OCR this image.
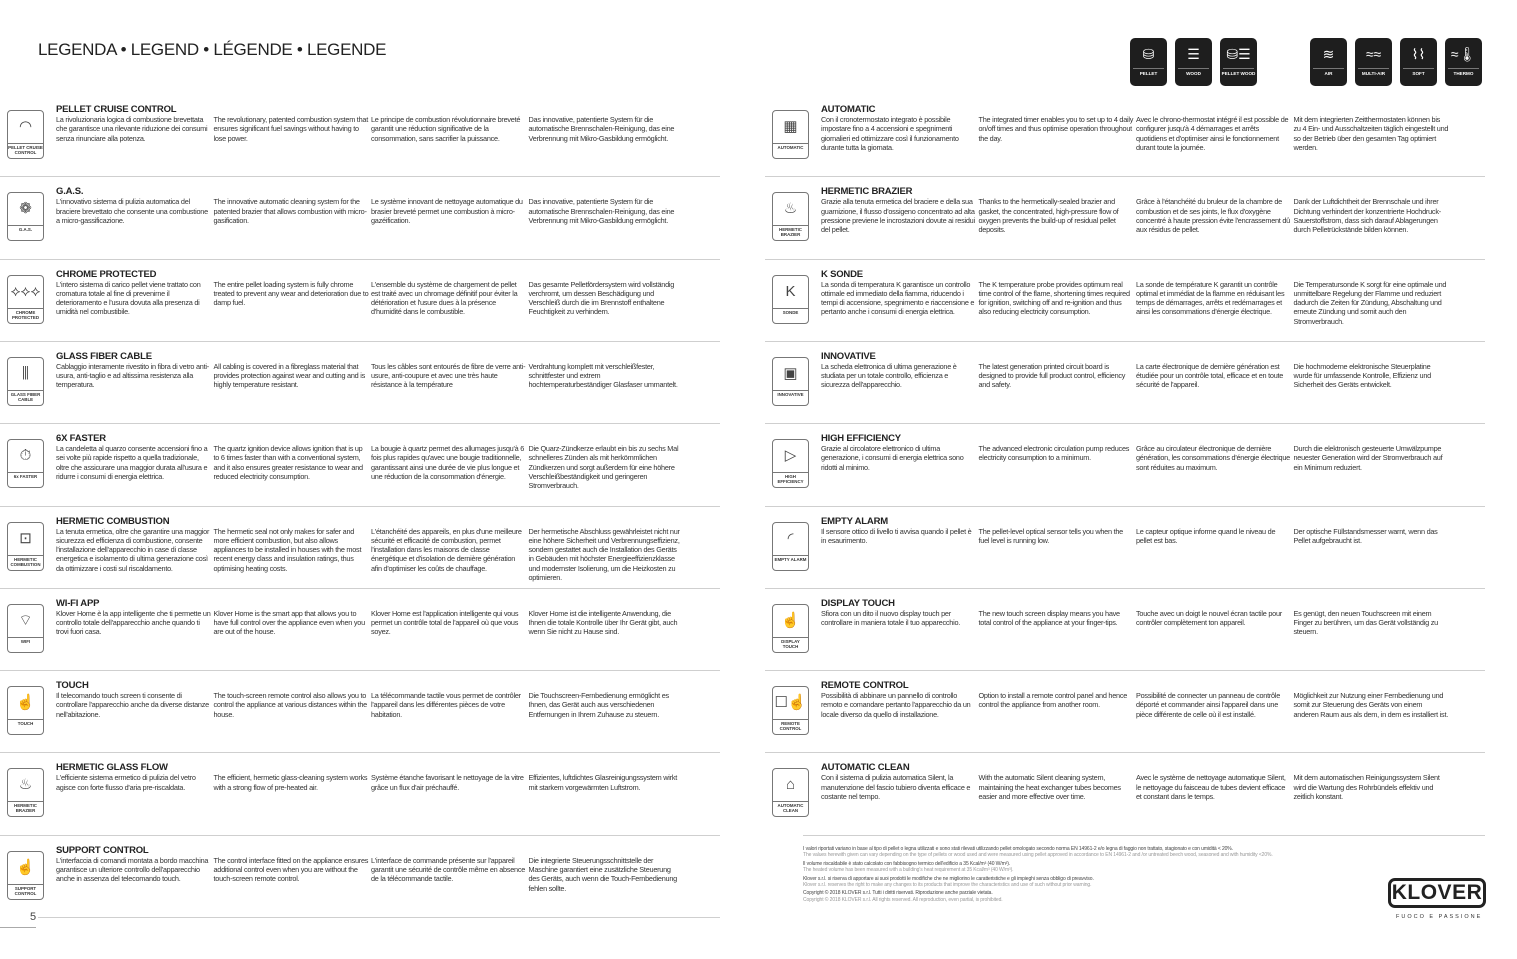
LEGENDA • LEGEND • LÉGENDE • LEGENDE	⛁
PELLET
☰
WOOD
⛁☰
PELLET WOOD
≋
AIR
≈≈
MULTI-AIR
⌇⌇
SOFT
≈🌡
THERMO
◠
PELLET CRUISE CONTROL
PELLET CRUISE CONTROL
La rivoluzionaria logica di combustione brevettata che garantisce una rilevante riduzione dei consumi senza rinunciare alla potenza.
The revolutionary, patented combustion system that ensures significant fuel savings without having to lose power.
Le principe de combustion révolutionnaire breveté garantit une réduction significative de la consommation, sans sacrifier la puissance.
Das innovative, patentierte System für die automatische Brennschalen-Reinigung, das eine Verbrennung mit Mikro-Gasbildung ermöglicht.
❁
G.A.S.
G.A.S.
L'innovativo sistema di pulizia automatica del braciere brevettato che consente una combustione a micro-gassificazione.
The innovative automatic cleaning system for the patented brazier that allows combustion with micro-gasification.
Le système innovant de nettoyage automatique du brasier breveté permet une combustion à micro-gazéification.
Das innovative, patentierte System für die automatische Brennschalen-Reinigung, das eine Verbrennung mit Mikro-Gasbildung ermöglicht.
⟡⟡⟡
CHROME PROTECTED
CHROME PROTECTED
L'intero sistema di carico pellet viene trattato con cromatura totale al fine di prevenirne il deterioramento e l'usura dovuta alla presenza di umidità nel combustibile.
The entire pellet loading system is fully chrome treated to prevent any wear and deterioration due to damp fuel.
L'ensemble du système de chargement de pellet est traité avec un chromage définitif pour éviter la détérioration et l'usure dues à la présence d'humidité dans le combustible.
Das gesamte Pelletfördersystem wird vollständig verchromt, um dessen Beschädigung und Verschleiß durch die im Brennstoff enthaltene Feuchtigkeit zu verhindern.
⫼
GLASS FIBER CABLE
GLASS FIBER CABLE
Cablaggio interamente rivestito in fibra di vetro anti-usura, anti-taglio e ad altissima resistenza alla temperatura.
All cabling is covered in a fibreglass material that provides protection against wear and cutting and is highly temperature resistant.
Tous les câbles sont entourés de fibre de verre anti-usure, anti-coupure et avec une très haute résistance à la température
Verdrahtung komplett mit verschleißfester, schnittfester und extrem hochtemperaturbeständiger Glasfaser ummantelt.
⏱
6x FASTER
6X FASTER
La candeletta al quarzo consente accensioni fino a sei volte più rapide rispetto a quella tradizionale, oltre che assicurare una maggior durata all'usura e ridurre i consumi di energia elettrica.
The quartz ignition device allows ignition that is up to 6 times faster than with a conventional system, and it also ensures greater resistance to wear and reduced electricity consumption.
La bougie à quartz permet des allumages jusqu'à 6 fois plus rapides qu'avec une bougie traditionnelle, garantissant ainsi une durée de vie plus longue et une réduction de la consommation d'énergie.
Die Quarz-Zündkerze erlaubt ein bis zu sechs Mal schnelleres Zünden als mit herkömmlichen Zündkerzen und sorgt außerdem für eine höhere Verschleißbeständigkeit und geringeren Stromverbrauch.
⊡
HERMETIC COMBUSTION
HERMETIC COMBUSTION
La tenuta ermetica, oltre che garantire una maggior sicurezza ed efficienza di combustione, consente l'installazione dell'apparecchio in case di classe energetica e isolamento di ultima generazione così da ottimizzare i costi sul riscaldamento.
The hermetic seal not only makes for safer and more efficient combustion, but also allows appliances to be installed in houses with the most recent energy class and insulation ratings, thus optimising heating costs.
L'étanchéité des appareils, en plus d'une meilleure sécurité et efficacité de combustion, permet l'installation dans les maisons de classe énergétique et d'isolation de dernière génération afin d'optimiser les coûts de chauffage.
Der hermetische Abschluss gewährleistet nicht nur eine höhere Sicherheit und Verbrennungseffizienz, sondern gestattet auch die Installation des Geräts in Gebäuden mit höchster Energieeffizienzklasse und modernster Isolierung, um die Heizkosten zu optimieren.
⌔
WIFI
WI-FI APP
Klover Home è la app intelligente che ti permette un controllo totale dell'apparecchio anche quando ti trovi fuori casa.
Klover Home is the smart app that allows you to have full control over the appliance even when you are out of the house.
Klover Home est l'application intelligente qui vous permet un contrôle total de l'appareil où que vous soyez.
Klover Home ist die intelligente Anwendung, die Ihnen die totale Kontrolle über Ihr Gerät gibt, auch wenn Sie nicht zu Hause sind.
☝
TOUCH
TOUCH
Il telecomando touch screen ti consente di controllare l'apparecchio anche da diverse distanze nell'abitazione.
The touch-screen remote control also allows you to control the appliance at various distances within the house.
La télécommande tactile vous permet de contrôler l'appareil dans les différentes pièces de votre habitation.
Die Touchscreen-Fernbedienung ermöglicht es Ihnen, das Gerät auch aus verschiedenen Entfernungen in Ihrem Zuhause zu steuern.
♨
HERMETIC BRAZIER
HERMETIC GLASS FLOW
L'efficiente sistema ermetico di pulizia del vetro agisce con forte flusso d'aria pre-riscaldata.
The efficient, hermetic glass-cleaning system works with a strong flow of pre-heated air.
Système étanche favorisant le nettoyage de la vitre grâce un flux d'air préchauffé.
Effizientes, luftdichtes Glasreinigungssystem wirkt mit starkem vorgewärmten Luftstrom.
☝
SUPPORT CONTROL
SUPPORT CONTROL
L'interfaccia di comandi montata a bordo macchina garantisce un ulteriore controllo dell'apparecchio anche in assenza del telecomando touch.
The control interface fitted on the appliance ensures additional control even when you are without the touch-screen remote control.
L'interface de commande présente sur l'appareil garantit une sécurité de contrôle même en absence de la télécommande tactile.
Die integrierte Steuerungsschnittstelle der Maschine garantiert eine zusätzliche Steuerung des Geräts, auch wenn die Touch-Fernbedienung fehlen sollte.
▦
AUTOMATIC
AUTOMATIC
Con il cronotermostato integrato è possibile impostare fino a 4 accensioni e spegnimenti giornalieri ed ottimizzare così il funzionamento durante tutta la giornata.
The integrated timer enables you to set up to 4 daily on/off times and thus optimise operation throughout the day.
Avec le chrono-thermostat intégré il est possible de configurer jusqu'à 4 démarrages et arrêts quotidiens et d'optimiser ainsi le fonctionnement durant toute la journée.
Mit dem integrierten Zeitthermostaten können bis zu 4 Ein- und Ausschaltzeiten täglich eingestellt und so der Betrieb über den gesamten Tag optimiert werden.
♨
HERMETIC BRAZIER
HERMETIC BRAZIER
Grazie alla tenuta ermetica del braciere e della sua guarnizione, il flusso d'ossigeno concentrato ad alta pressione previene le incrostazioni dovute ai residui del pellet.
Thanks to the hermetically-sealed brazier and gasket, the concentrated, high-pressure flow of oxygen prevents the build-up of residual pellet deposits.
Grâce à l'étanchéité du bruleur de la chambre de combustion et de ses joints, le flux d'oxygène concentré à haute pression évite l'encrassement dû aux résidus de pellet.
Dank der Luftdichtheit der Brennschale und ihrer Dichtung verhindert der konzentrierte Hochdruck-Sauerstoffstrom, dass sich darauf Ablagerungen durch Pelletrückstände bilden können.
K
SONDE
K SONDE
La sonda di temperatura K garantisce un controllo ottimale ed immediato della fiamma, riducendo i tempi di accensione, spegnimento e riaccensione e pertanto anche i consumi di energia elettrica.
The K temperature probe provides optimum real time control of the flame, shortening times required for ignition, switching off and re-ignition and thus also reducing electricity consumption.
La sonde de température K garantit un contrôle optimal et immédiat de la flamme en réduisant les temps de démarrages, arrêts et redémarrages et ainsi les consommations d'énergie électrique.
Die Temperatursonde K sorgt für eine optimale und unmittelbare Regelung der Flamme und reduziert dadurch die Zeiten für Zündung, Abschaltung und erneute Zündung und somit auch den Stromverbrauch.
▣
INNOVATIVE
INNOVATIVE
La scheda elettronica di ultima generazione è studiata per un totale controllo, efficienza e sicurezza dell'apparecchio.
The latest generation printed circuit board is designed to provide full product control, efficiency and safety.
La carte électronique de dernière génération est étudiée pour un contrôle total, efficace et en toute sécurité de l'appareil.
Die hochmoderne elektronische Steuerplatine wurde für umfassende Kontrolle, Effizienz und Sicherheit des Geräts entwickelt.
▷
HIGH EFFICIENCY
HIGH EFFICIENCY
Grazie al circolatore elettronico di ultima generazione, i consumi di energia elettrica sono ridotti al minimo.
The advanced electronic circulation pump reduces electricity consumption to a minimum.
Grâce au circulateur électronique de dernière génération, les consommations d'énergie électrique sont réduites au maximum.
Durch die elektronisch gesteuerte Umwälzpumpe neuester Generation wird der Stromverbrauch auf ein Minimum reduziert.
◜
EMPTY ALARM
EMPTY ALARM
Il sensore ottico di livello ti avvisa quando il pellet è in esaurimento.
The pellet-level optical sensor tells you when the fuel level is running low.
Le capteur optique informe quand le niveau de pellet est bas.
Der optische Füllstandsmesser warnt, wenn das Pellet aufgebraucht ist.
☝
DISPLAY TOUCH
DISPLAY TOUCH
Sfiora con un dito il nuovo display touch per controllare in maniera totale il tuo apparecchio.
The new touch screen display means you have total control of the appliance at your finger-tips.
Touche avec un doigt le nouvel écran tactile pour contrôler complètement ton appareil.
Es genügt, den neuen Touchscreen mit einem Finger zu berühren, um das Gerät vollständig zu steuern.
☐☝
REMOTE CONTROL
REMOTE CONTROL
Possibilità di abbinare un pannello di controllo remoto e comandare pertanto l'apparecchio da un locale diverso da quello di installazione.
Option to install a remote control panel and hence control the appliance from another room.
Possibilité de connecter un panneau de contrôle déporté et commander ainsi l'appareil dans une pièce différente de celle où il est installé.
Möglichkeit zur Nutzung einer Fernbedienung und somit zur Steuerung des Geräts von einem anderen Raum aus als dem, in dem es installiert ist.
⌂
AUTOMATIC CLEAN
AUTOMATIC CLEAN
Con il sistema di pulizia automatica Silent, la manutenzione del fascio tubiero diventa efficace e costante nel tempo.
With the automatic Silent cleaning system, maintaining the heat exchanger tubes becomes easier and more effective over time.
Avec le système de nettoyage automatique Silent, le nettoyage du faisceau de tubes devient efficace et constant dans le temps.
Mit dem automatischen Reinigungssystem Silent wird die Wartung des Rohrbündels effektiv und zeitlich konstant.

I valori riportati variano in base al tipo di pellet o legna utilizzati e sono stati rilevati utilizzando pellet omologato secondo norma EN 14961-2 e/o legna di faggio non trattato, stagionato e con umidità < 20%.

The values herewith given can vary depending on the type of pellets or wood used and were measured using pellet approved in accordance to EN 14961-2 and /or untreated beech wood, seasoned and with humidity <20%.

Il volume riscaldabile è stato calcolato con fabbisogno termico dell'edificio a 35 Kcal/m³ (40 W/m³).

The heated volume has been measured with a building's heat requirement at 35 Kcal/m³ (40 W/m³).

Klover s.r.l. si riserva di apportare ai suoi prodotti le modifiche che ne migliorino le caratteristiche e gli impieghi senza obbligo di preavviso.

Klover s.r.l. reserves the right to make any changes to its products that improve the characteristics and use of such without prior warning.

Copyright © 2018 KLOVER s.r.l. Tutti i diritti riservati. Riproduzione anche parziale vietata.

Copyright © 2018 KLOVER s.r.l. All rights reserved. All reproduction, even partial, is prohibited.	KLOVER
FUOCO E PASSIONE
5
